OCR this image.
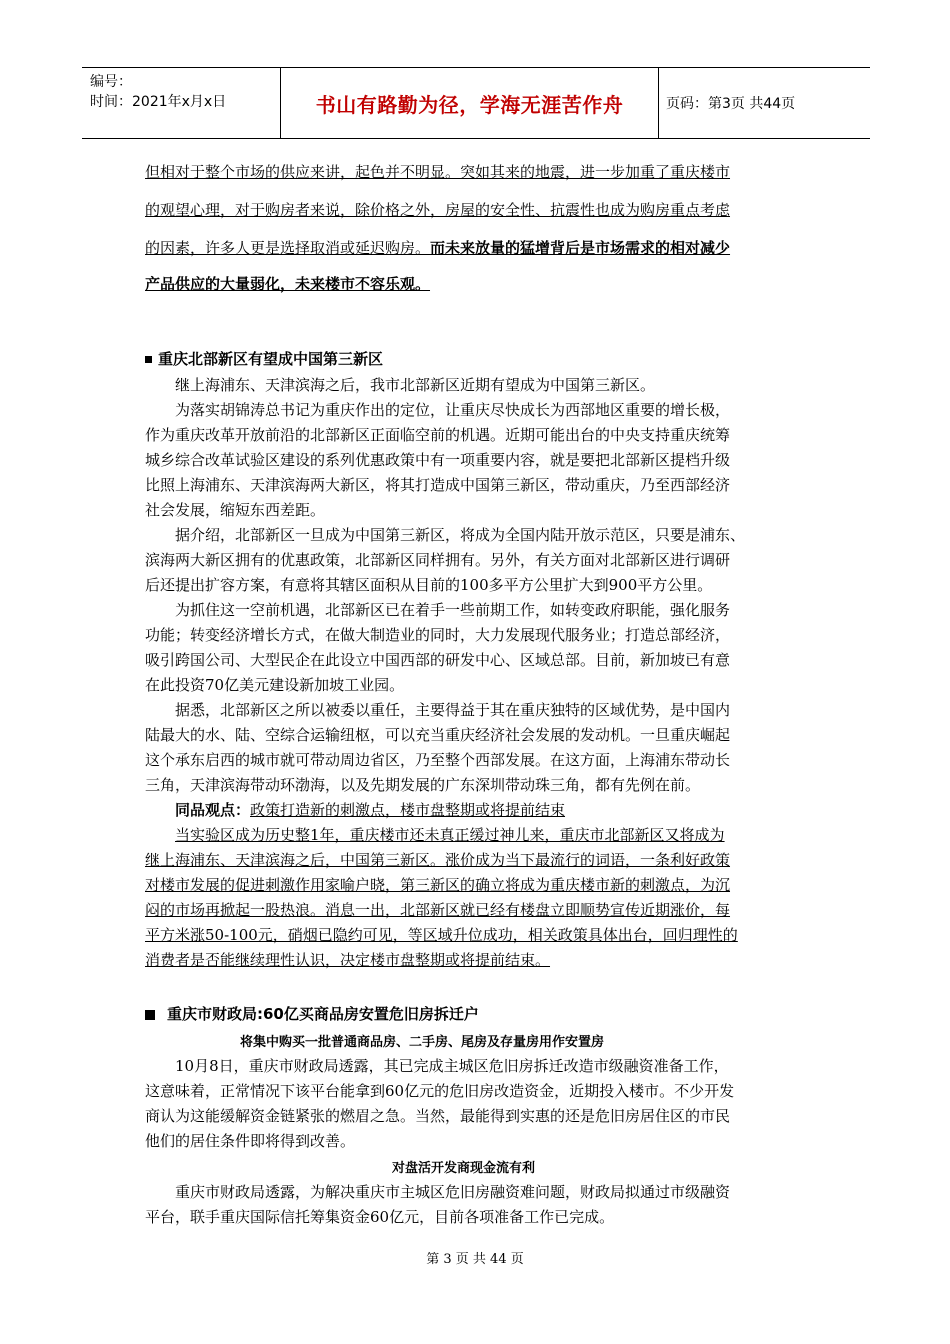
编号：
时间：2021年x月x日	书山有路勤为径，学海无涯苦作舟	页码：第3页 共44页
但相对于整个市场的供应来讲，起色并不明显。突如其来的地震，进一步加重了重庆楼市
的观望心理，对于购房者来说，除价格之外，房屋的安全性、抗震性也成为购房重点考虑
的因素，许多人更是选择取消或延迟购房。而未来放量的猛增背后是市场需求的相对减少
产品供应的大量弱化，未来楼市不容乐观。
重庆北部新区有望成中国第三新区
继上海浦东、天津滨海之后，我市北部新区近期有望成为中国第三新区。
为落实胡锦涛总书记为重庆作出的定位，让重庆尽快成长为西部地区重要的增长极，
作为重庆改革开放前沿的北部新区正面临空前的机遇。近期可能出台的中央支持重庆统筹
城乡综合改革试验区建设的系列优惠政策中有一项重要内容，就是要把北部新区提档升级
比照上海浦东、天津滨海两大新区，将其打造成中国第三新区，带动重庆，乃至西部经济
社会发展，缩短东西差距。
据介绍，北部新区一旦成为中国第三新区，将成为全国内陆开放示范区，只要是浦东、
滨海两大新区拥有的优惠政策，北部新区同样拥有。另外，有关方面对北部新区进行调研
后还提出扩容方案，有意将其辖区面积从目前的100多平方公里扩大到900平方公里。
为抓住这一空前机遇，北部新区已在着手一些前期工作，如转变政府职能，强化服务
功能；转变经济增长方式，在做大制造业的同时，大力发展现代服务业；打造总部经济，
吸引跨国公司、大型民企在此设立中国西部的研发中心、区域总部。目前，新加坡已有意
在此投资70亿美元建设新加坡工业园。
据悉，北部新区之所以被委以重任，主要得益于其在重庆独特的区域优势，是中国内
陆最大的水、陆、空综合运输纽枢，可以充当重庆经济社会发展的发动机。一旦重庆崛起
这个承东启西的城市就可带动周边省区，乃至整个西部发展。在这方面，上海浦东带动长
三角，天津滨海带动环渤海，以及先期发展的广东深圳带动珠三角，都有先例在前。
同品观点：政策打造新的刺激点，楼市盘整期或将提前结束
当实验区成为历史整1年，重庆楼市还未真正缓过神儿来，重庆市北部新区又将成为
继上海浦东、天津滨海之后，中国第三新区。涨价成为当下最流行的词语，一条利好政策
对楼市发展的促进刺激作用家喻户晓，第三新区的确立将成为重庆楼市新的刺激点，为沉
闷的市场再掀起一股热浪。消息一出，北部新区就已经有楼盘立即顺势宣传近期涨价，每
平方米涨50-100元，硝烟已隐约可见，等区域升位成功，相关政策具体出台，回归理性的
消费者是否能继续理性认识，决定楼市盘整期或将提前结束。
重庆市财政局:60亿买商品房安置危旧房拆迁户
将集中购买一批普通商品房、二手房、尾房及存量房用作安置房
10月8日，重庆市财政局透露，其已完成主城区危旧房拆迁改造市级融资准备工作，
这意味着，正常情况下该平台能拿到60亿元的危旧房改造资金，近期投入楼市。不少开发
商认为这能缓解资金链紧张的燃眉之急。当然，最能得到实惠的还是危旧房居住区的市民
他们的居住条件即将得到改善。
对盘活开发商现金流有利
重庆市财政局透露，为解决重庆市主城区危旧房融资难问题，财政局拟通过市级融资
平台，联手重庆国际信托筹集资金60亿元，目前各项准备工作已完成。
第 3 页 共 44 页
